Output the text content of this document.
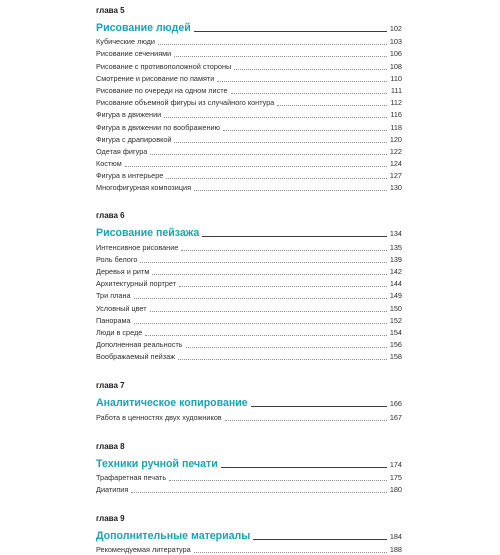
глава 5
Рисование людей	102
Кубические люди	103
Рисование сечениями	106
Рисование с противоположной стороны	108
Смотрение и рисование по памяти	110
Рисование по очереди на одном листе	111
Рисование объемной фигуры из случайного контура	112
Фигура в движении	116
Фигура в движении по воображению	118
Фигура с драпировкой	120
Одетая фигура	122
Костюм	124
Фигура в интерьере	127
Многофигурная композиция	130
глава 6
Рисование пейзажа	134
Интенсивное рисование	135
Роль белого	139
Деревья и ритм	142
Архитектурный портрет	144
Три плана	149
Условный цвет	150
Панорама	152
Люди в среде	154
Дополненная реальность	156
Воображаемый пейзаж	158
глава 7
Аналитическое копирование	166
Работа в ценностях двух художников	167
глава 8
Техники ручной печати	174
Трафаретная печать	175
Диатипия	180
глава 9
Дополнительные материалы	184
Рекомендуемая литература	188
